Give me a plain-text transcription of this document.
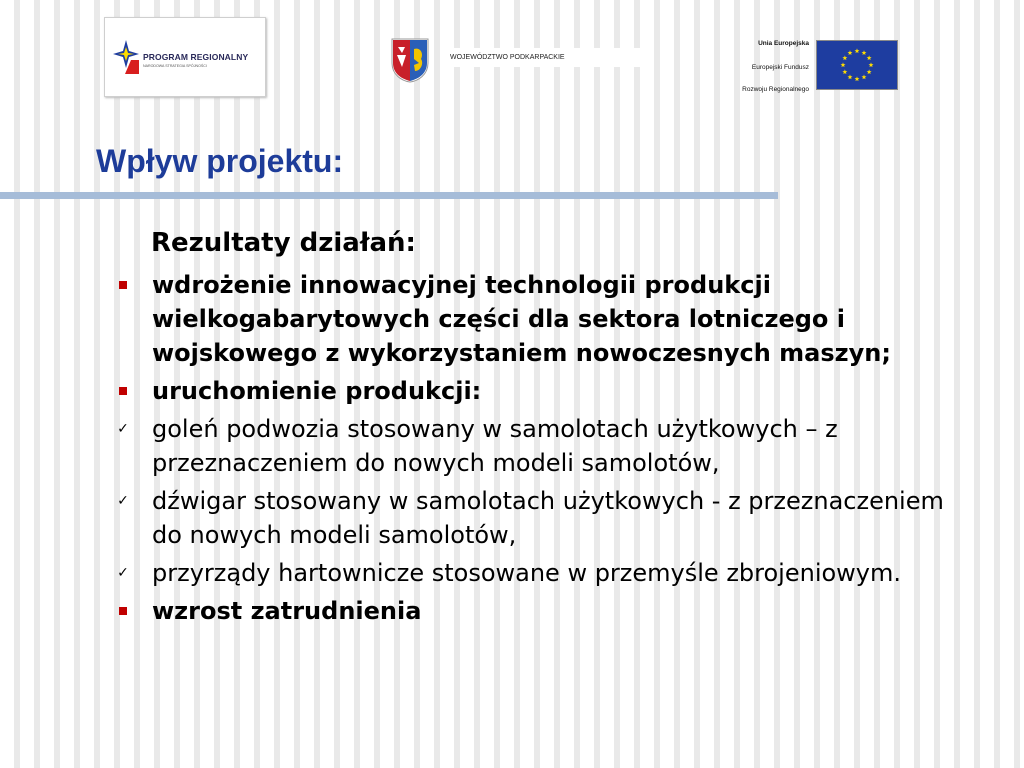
PROGRAM REGIONALNY
NARODOWA STRATEGIA SPÓJNOŚCI
WOJEWÓDZTWO PODKARPACKIE
Unia Europejska
Europejski Fundusz
Rozwoju Regionalnego
Wpływ projektu:
Rezultaty działań:
wdrożenie innowacyjnej technologii produkcji wielkogabarytowych części dla sektora lotniczego i wojskowego z wykorzystaniem nowoczesnych maszyn;
uruchomienie produkcji:
✓ goleń podwozia stosowany w samolotach użytkowych – z przeznaczeniem do nowych modeli samolotów,
✓ dźwigar stosowany w samolotach użytkowych - z przeznaczeniem do nowych modeli samolotów,
✓ przyrządy hartownicze stosowane w przemyśle zbrojeniowym.
wzrost zatrudnienia
